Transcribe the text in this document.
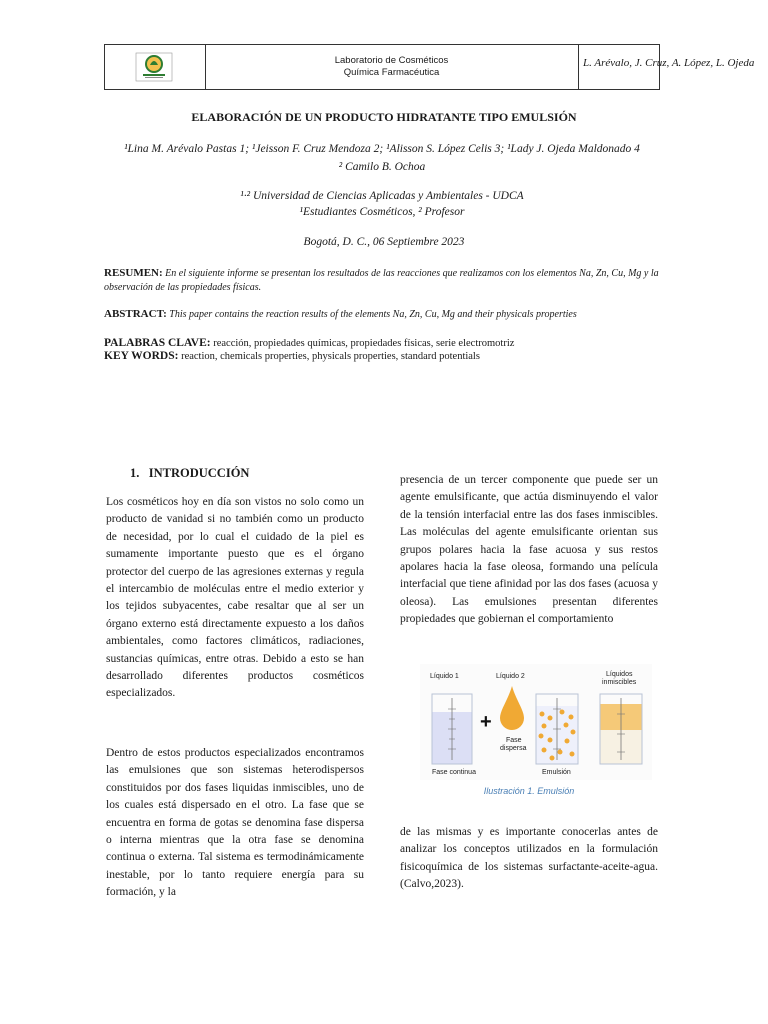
Laboratorio de Cosméticos
Química Farmacéutica
L. Arévalo, J. Cruz, A. López, L. Ojeda
ELABORACIÓN DE UN PRODUCTO HIDRATANTE TIPO EMULSIÓN
¹Lina M. Arévalo Pastas 1; ¹Jeisson F. Cruz Mendoza 2; ¹Alisson S. López Celis 3; ¹Lady J. Ojeda Maldonado 4
² Camilo B. Ochoa
¹·² Universidad de Ciencias Aplicadas y Ambientales - UDCA
¹Estudiantes Cosméticos, ² Profesor
Bogotá, D. C., 06 Septiembre 2023
RESUMEN: En el siguiente informe se presentan los resultados de las reacciones que realizamos con los elementos Na, Zn, Cu, Mg y la observación de las propiedades físicas.
ABSTRACT: This paper contains the reaction results of the elements Na, Zn, Cu, Mg and their physicals properties
PALABRAS CLAVE: reacción, propiedades químicas, propiedades físicas, serie electromotriz
KEY WORDS: reaction, chemicals properties, physicals properties, standard potentials
1. INTRODUCCIÓN

Los cosméticos hoy en día son vistos no solo como un producto de vanidad si no también como un producto de necesidad, por lo cual el cuidado de la piel es sumamente importante puesto que es el órgano protector del cuerpo de las agresiones externas y regula el intercambio de moléculas entre el medio exterior y los tejidos subyacentes, cabe resaltar que al ser un órgano externo está directamente expuesto a los daños ambientales, como factores climáticos, radiaciones, sustancias químicas, entre otras. Debido a esto se han desarrollado diferentes productos cosméticos especializados.

Dentro de estos productos especializados encontramos las emulsiones que son sistemas heterodispersos constituidos por dos fases liquidas inmiscibles, uno de los cuales está dispersado en el otro. La fase que se encuentra en forma de gotas se denomina fase dispersa o interna mientras que la otra fase se denomina continua o externa. Tal sistema es termodinámicamente inestable, por lo tanto requiere energía para su formación, y la

presencia de un tercer componente que puede ser un agente emulsificante, que actúa disminuyendo el valor de la tensión interfacial entre las dos fases inmiscibles. Las moléculas del agente emulsificante orientan sus grupos polares hacia la fase acuosa y sus restos apolares hacia la fase oleosa, formando una película interfacial que tiene afinidad por las dos fases (acuosa y oleosa). Las emulsiones presentan diferentes propiedades que gobiernan el comportamiento

Líquido 1
Fase continua
+
Líquido 2
Fase
dispersa
Emulsión
Líquidos
inmiscibles
Ilustración 1. Emulsión

de las mismas y es importante conocerlas antes de analizar los conceptos utilizados en la formulación fisicoquímica de los sistemas surfactante-aceite-agua. (Calvo,2023).
